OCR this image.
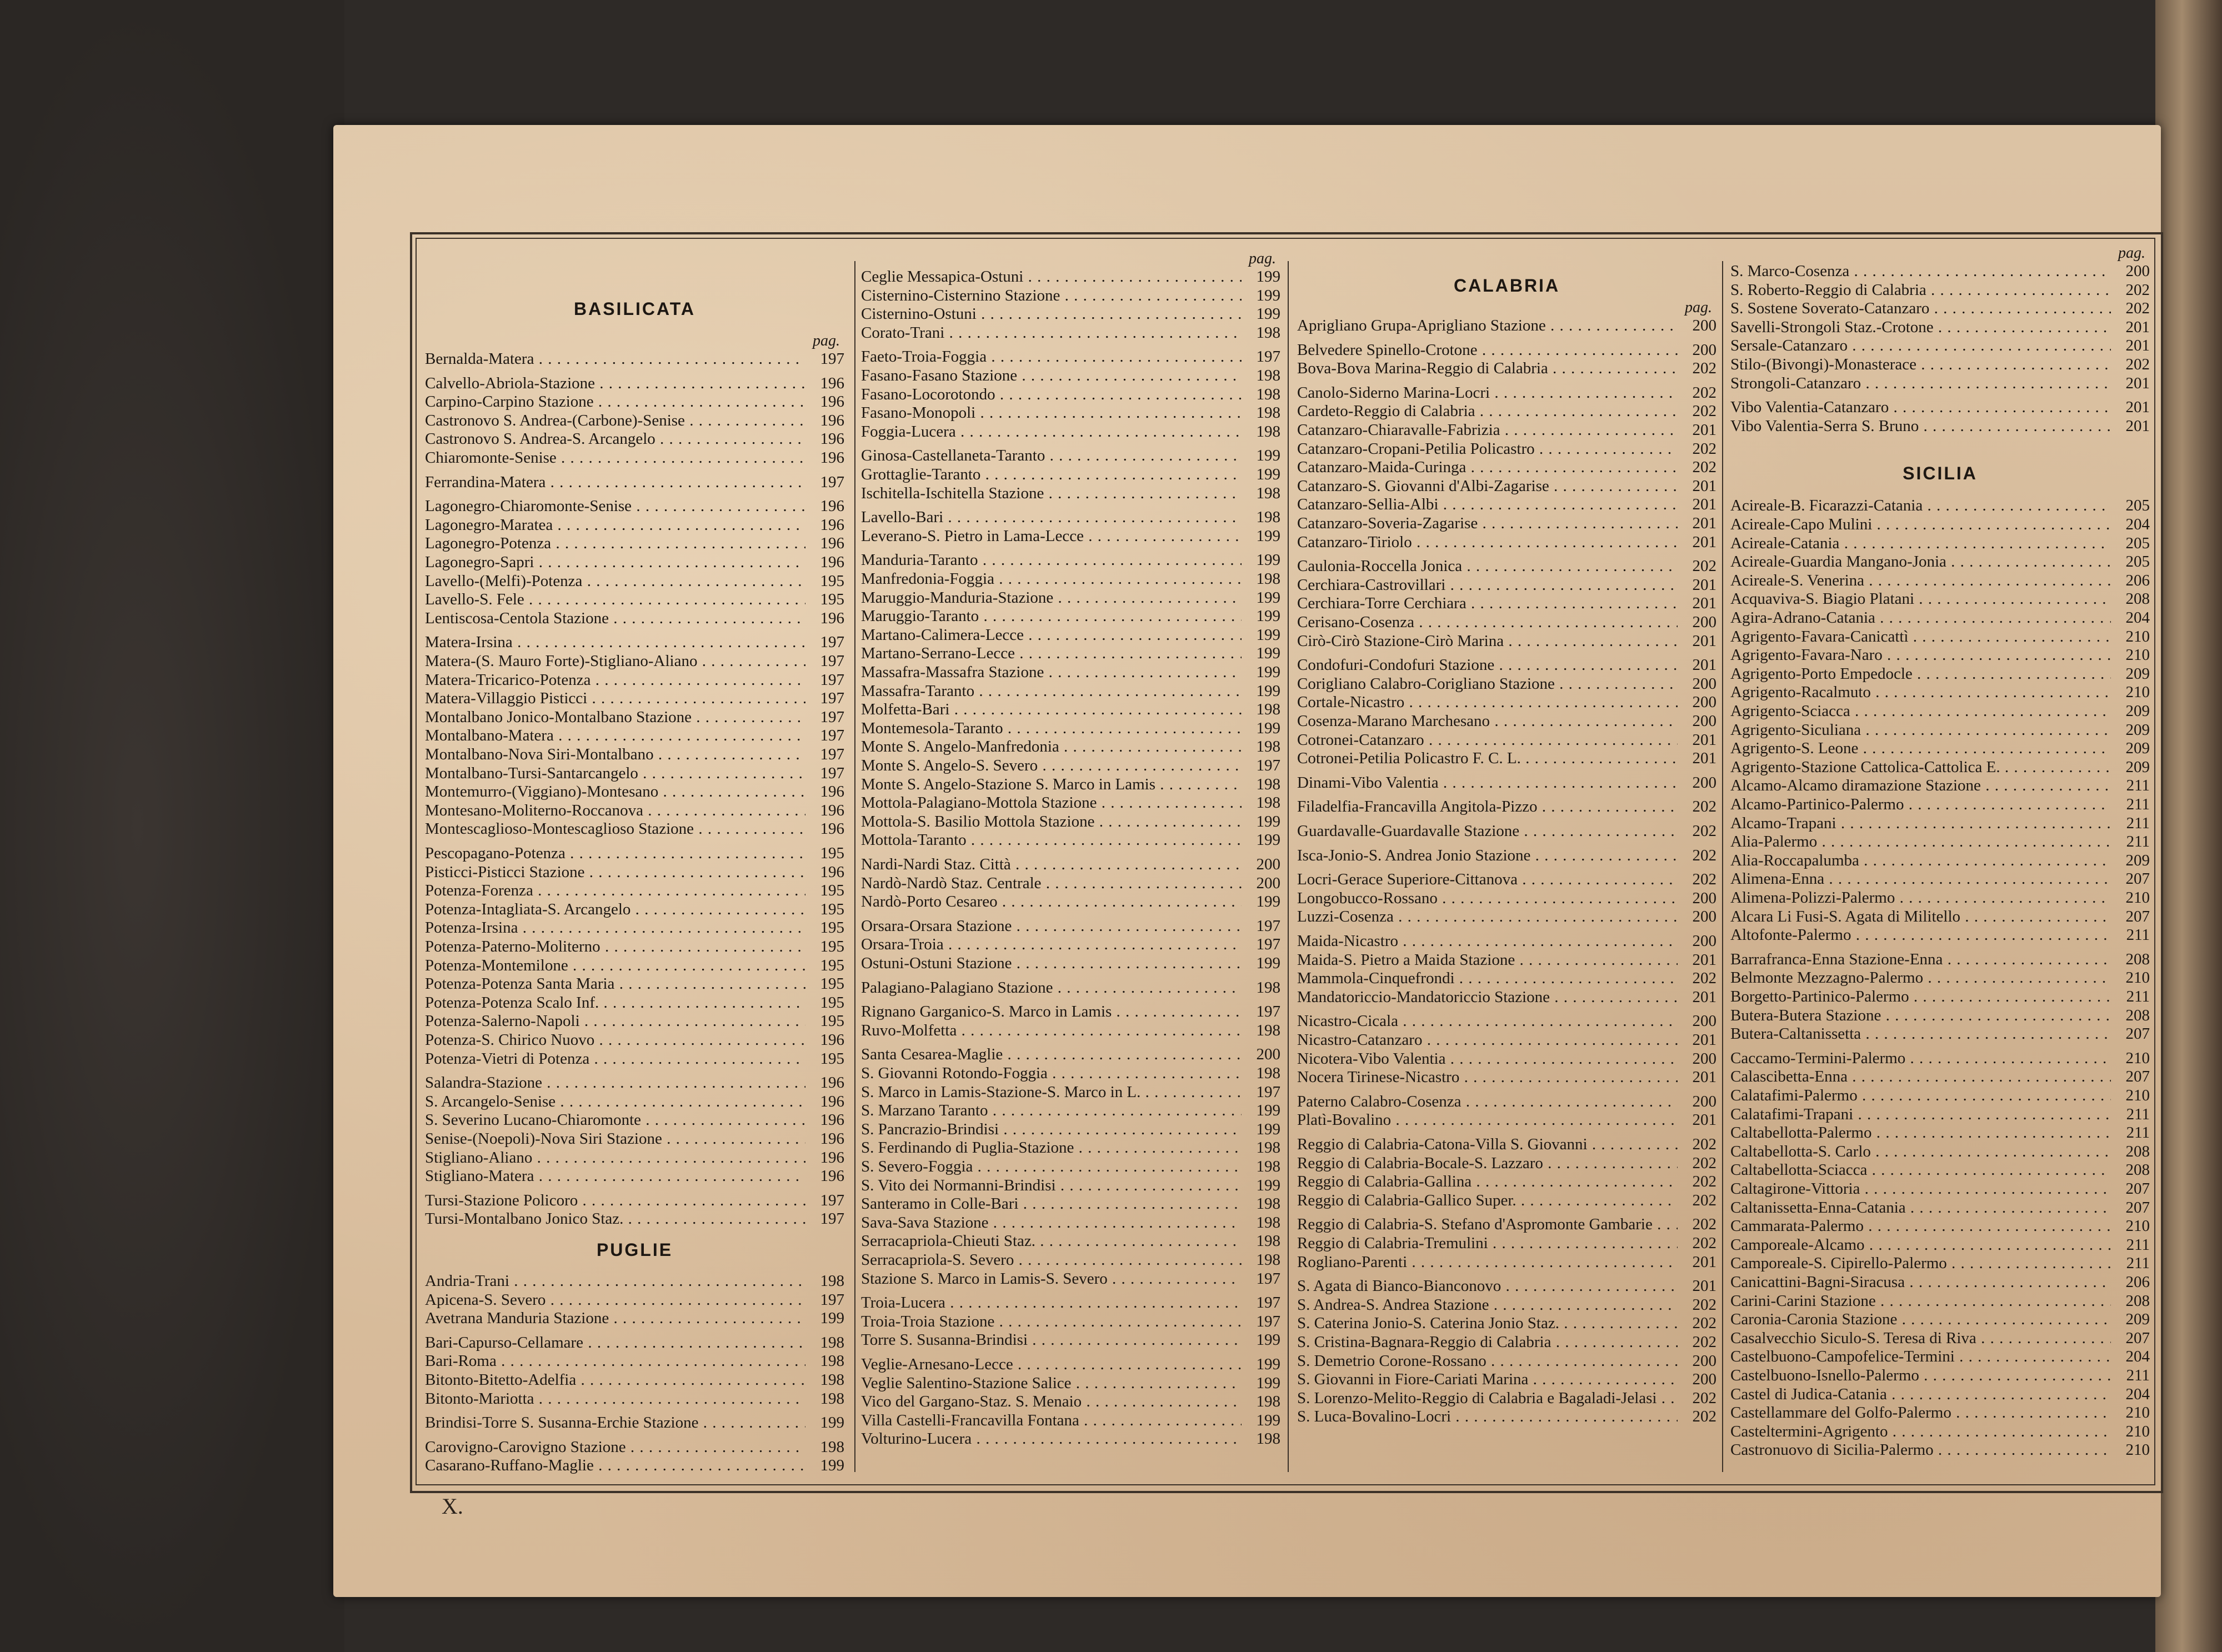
BASILICATA
pag.
Bernalda-Matera . . .	197
Calvello-Abriola-Stazione . . .	196
Carpino-Carpino Stazione . . .	196
Castronovo S. Andrea-(Carbone)-Senise . . .	196
Castronovo S. Andrea-S. Arcangelo . . .	196
Chiaromonte-Senise . . .	196
Ferrandina-Matera . . .	197
Lagonegro-Chiaromonte-Senise . . .	196
Lagonegro-Maratea . . .	196
Lagonegro-Potenza . . .	196
Lagonegro-Sapri . . .	196
Lavello-(Melfi)-Potenza . . .	195
Lavello-S. Fele . . .	195
Lentiscosa-Centola Stazione . . .	196
Matera-Irsina . . .	197
Matera-(S. Mauro Forte)-Stigliano-Aliano . . .	197
Matera-Tricarico-Potenza . . .	197
Matera-Villaggio Pisticci . . .	197
Montalbano Jonico-Montalbano Stazione . . .	197
Montalbano-Matera . . .	197
Montalbano-Nova Siri-Montalbano . . .	197
Montalbano-Tursi-Santarcangelo . . .	197
Montemurro-(Viggiano)-Montesano . . .	196
Montesano-Moliterno-Roccanova . . .	196
Montescaglioso-Montescaglioso Stazione . . .	196
Pescopagano-Potenza . . .	195
Pisticci-Pisticci Stazione . . .	196
Potenza-Forenza . . .	195
Potenza-Intagliata-S. Arcangelo . . .	195
Potenza-Irsina . . .	195
Potenza-Paterno-Moliterno . . .	195
Potenza-Montemilone . . .	195
Potenza-Potenza Santa Maria . . .	195
Potenza-Potenza Scalo Inf. . . .	195
Potenza-Salerno-Napoli . . .	195
Potenza-S. Chirico Nuovo . . .	196
Potenza-Vietri di Potenza . . .	195
Salandra-Stazione . . .	196
S. Arcangelo-Senise . . .	196
S. Severino Lucano-Chiaromonte . . .	196
Senise-(Noepoli)-Nova Siri Stazione . . .	196
Stigliano-Aliano . . .	196
Stigliano-Matera . . .	196
Tursi-Stazione Policoro . . .	197
Tursi-Montalbano Jonico Staz. . . .	197
PUGLIE
Andria-Trani . . .	198
Apicena-S. Severo . . .	197
Avetrana Manduria Stazione . . .	199
Bari-Capurso-Cellamare . . .	198
Bari-Roma . . .	198
Bitonto-Bitetto-Adelfia . . .	198
Bitonto-Mariotta . . .	198
Brindisi-Torre S. Susanna-Erchie Stazione . . .	199
Carovigno-Carovigno Stazione . . .	198
Casarano-Ruffano-Maglie . . .	199
pag.
Ceglie Messapica-Ostuni . . .	199
Cisternino-Cisternino Stazione . . .	199
Cisternino-Ostuni . . .	199
Corato-Trani . . .	198
Faeto-Troia-Foggia . . .	197
Fasano-Fasano Stazione . . .	198
Fasano-Locorotondo . . .	198
Fasano-Monopoli . . .	198
Foggia-Lucera . . .	198
Ginosa-Castellaneta-Taranto . . .	199
Grottaglie-Taranto . . .	199
Ischitella-Ischitella Stazione . . .	198
Lavello-Bari . . .	198
Leverano-S. Pietro in Lama-Lecce . . .	199
Manduria-Taranto . . .	199
Manfredonia-Foggia . . .	198
Maruggio-Manduria-Stazione . . .	199
Maruggio-Taranto . . .	199
Martano-Calimera-Lecce . . .	199
Martano-Serrano-Lecce . . .	199
Massafra-Massafra Stazione . . .	199
Massafra-Taranto . . .	199
Molfetta-Bari . . .	198
Montemesola-Taranto . . .	199
Monte S. Angelo-Manfredonia . . .	198
Monte S. Angelo-S. Severo . . .	197
Monte S. Angelo-Stazione S. Marco in Lamis . . .	198
Mottola-Palagiano-Mottola Stazione . . .	198
Mottola-S. Basilio Mottola Stazione . . .	199
Mottola-Taranto . . .	199
Nardi-Nardi Staz. Città . . .	200
Nardò-Nardò Staz. Centrale . . .	200
Nardò-Porto Cesareo . . .	199
Orsara-Orsara Stazione . . .	197
Orsara-Troia . . .	197
Ostuni-Ostuni Stazione . . .	199
Palagiano-Palagiano Stazione . . .	198
Rignano Garganico-S. Marco in Lamis . . .	197
Ruvo-Molfetta . . .	198
Santa Cesarea-Maglie . . .	200
S. Giovanni Rotondo-Foggia . . .	198
S. Marco in Lamis-Stazione-S. Marco in L. . . .	197
S. Marzano Taranto . . .	199
S. Pancrazio-Brindisi . . .	199
S. Ferdinando di Puglia-Stazione . . .	198
S. Severo-Foggia . . .	198
S. Vito dei Normanni-Brindisi . . .	199
Santeramo in Colle-Bari . . .	198
Sava-Sava Stazione . . .	198
Serracapriola-Chieuti Staz. . . .	198
Serracapriola-S. Severo . . .	198
Stazione S. Marco in Lamis-S. Severo . . .	197
Troia-Lucera . . .	197
Troia-Troia Stazione . . .	197
Torre S. Susanna-Brindisi . . .	199
Veglie-Arnesano-Lecce . . .	199
Veglie Salentino-Stazione Salice . . .	199
Vico del Gargano-Staz. S. Menaio . . .	198
Villa Castelli-Francavilla Fontana . . .	199
Volturino-Lucera . . .	198
CALABRIA
pag.
Aprigliano Grupa-Aprigliano Stazione . . .	200
Belvedere Spinello-Crotone . . .	200
Bova-Bova Marina-Reggio di Calabria . . .	202
Canolo-Siderno Marina-Locri . . .	202
Cardeto-Reggio di Calabria . . .	202
Catanzaro-Chiaravalle-Fabrizia . . .	201
Catanzaro-Cropani-Petilia Policastro . . .	202
Catanzaro-Maida-Curinga . . .	202
Catanzaro-S. Giovanni d'Albi-Zagarise . . .	201
Catanzaro-Sellia-Albi . . .	201
Catanzaro-Soveria-Zagarise . . .	201
Catanzaro-Tiriolo . . .	201
Caulonia-Roccella Jonica . . .	202
Cerchiara-Castrovillari . . .	201
Cerchiara-Torre Cerchiara . . .	201
Cerisano-Cosenza . . .	200
Cirò-Cirò Stazione-Cirò Marina . . .	201
Condofuri-Condofuri Stazione . . .	201
Corigliano Calabro-Corigliano Stazione . . .	200
Cortale-Nicastro . . .	200
Cosenza-Marano Marchesano . . .	200
Cotronei-Catanzaro . . .	201
Cotronei-Petilia Policastro F. C. L. . . .	201
Dinami-Vibo Valentia . . .	200
Filadelfia-Francavilla Angitola-Pizzo . . .	202
Guardavalle-Guardavalle Stazione . . .	202
Isca-Jonio-S. Andrea Jonio Stazione . . .	202
Locri-Gerace Superiore-Cittanova . . .	202
Longobucco-Rossano . . .	200
Luzzi-Cosenza . . .	200
Maida-Nicastro . . .	200
Maida-S. Pietro a Maida Stazione . . .	201
Mammola-Cinquefrondi . . .	202
Mandatoriccio-Mandatoriccio Stazione . . .	201
Nicastro-Cicala . . .	200
Nicastro-Catanzaro . . .	201
Nicotera-Vibo Valentia . . .	200
Nocera Tirinese-Nicastro . . .	201
Paterno Calabro-Cosenza . . .	200
Platì-Bovalino . . .	201
Reggio di Calabria-Catona-Villa S. Giovanni . . .	202
Reggio di Calabria-Bocale-S. Lazzaro . . .	202
Reggio di Calabria-Gallina . . .	202
Reggio di Calabria-Gallico Super. . . .	202
Reggio di Calabria-S. Stefano d'Aspromonte Gambarie . . .	202
Reggio di Calabria-Tremulini . . .	202
Rogliano-Parenti . . .	201
S. Agata di Bianco-Bianconovo . . .	201
S. Andrea-S. Andrea Stazione . . .	202
S. Caterina Jonio-S. Caterina Jonio Staz. . . .	202
S. Cristina-Bagnara-Reggio di Calabria . . .	202
S. Demetrio Corone-Rossano . . .	200
S. Giovanni in Fiore-Cariati Marina . . .	200
S. Lorenzo-Melito-Reggio di Calabria e Bagaladi-Jelasi . . .	202
S. Luca-Bovalino-Locri . . .	202
pag.
S. Marco-Cosenza . . .	200
S. Roberto-Reggio di Calabria . . .	202
S. Sostene Soverato-Catanzaro . . .	202
Savelli-Strongoli Staz.-Crotone . . .	201
Sersale-Catanzaro . . .	201
Stilo-(Bivongi)-Monasterace . . .	202
Strongoli-Catanzaro . . .	201
Vibo Valentia-Catanzaro . . .	201
Vibo Valentia-Serra S. Bruno . . .	201
SICILIA
Acireale-B. Ficarazzi-Catania . . .	205
Acireale-Capo Mulini . . .	204
Acireale-Catania . . .	205
Acireale-Guardia Mangano-Jonia . . .	205
Acireale-S. Venerina . . .	206
Acquaviva-S. Biagio Platani . . .	208
Agira-Adrano-Catania . . .	204
Agrigento-Favara-Canicattì . . .	210
Agrigento-Favara-Naro . . .	210
Agrigento-Porto Empedocle . . .	209
Agrigento-Racalmuto . . .	210
Agrigento-Sciacca . . .	209
Agrigento-Siculiana . . .	209
Agrigento-S. Leone . . .	209
Agrigento-Stazione Cattolica-Cattolica E. . . .	209
Alcamo-Alcamo diramazione Stazione . . .	211
Alcamo-Partinico-Palermo . . .	211
Alcamo-Trapani . . .	211
Alia-Palermo . . .	211
Alia-Roccapalumba . . .	209
Alimena-Enna . . .	207
Alimena-Polizzi-Palermo . . .	210
Alcara Li Fusi-S. Agata di Militello . . .	207
Altofonte-Palermo . . .	211
Barrafranca-Enna Stazione-Enna . . .	208
Belmonte Mezzagno-Palermo . . .	210
Borgetto-Partinico-Palermo . . .	211
Butera-Butera Stazione . . .	208
Butera-Caltanissetta . . .	207
Caccamo-Termini-Palermo . . .	210
Calascibetta-Enna . . .	207
Calatafimi-Palermo . . .	210
Calatafimi-Trapani . . .	211
Caltabellotta-Palermo . . .	211
Caltabellotta-S. Carlo . . .	208
Caltabellotta-Sciacca . . .	208
Caltagirone-Vittoria . . .	207
Caltanissetta-Enna-Catania . . .	207
Cammarata-Palermo . . .	210
Camporeale-Alcamo . . .	211
Camporeale-S. Cipirello-Palermo . . .	211
Canicattini-Bagni-Siracusa . . .	206
Carini-Carini Stazione . . .	208
Caronia-Caronia Stazione . . .	209
Casalvecchio Siculo-S. Teresa di Riva . . .	207
Castelbuono-Campofelice-Termini . . .	204
Castelbuono-Isnello-Palermo . . .	211
Castel di Judica-Catania . . .	204
Castellammare del Golfo-Palermo . . .	210
Casteltermini-Agrigento . . .	210
Castronuovo di Sicilia-Palermo . . .	210
X.
